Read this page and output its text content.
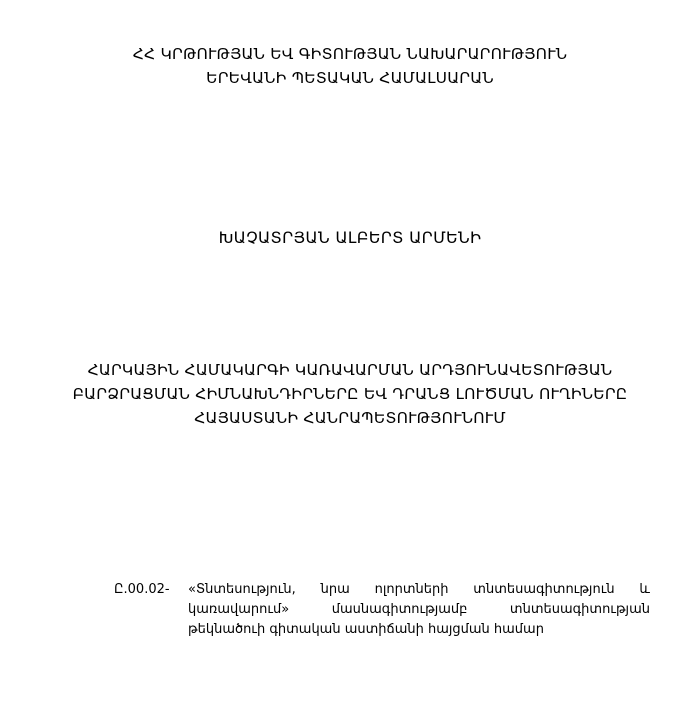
ՀՀ ԿՐԹՈՒԹՅԱՆ ԵՎ ԳԻՏՈՒԹՅԱՆ ՆԱԽԱՐԱՐՈՒԹՅՈՒՆ
ԵՐԵՎԱՆԻ ՊԵՏԱԿԱՆ ՀԱՄԱԼՍԱՐԱՆ
ԽԱՉԱՏՐՅԱՆ ԱԼԲԵՐՏ ԱՐՄԵՆԻ
ՀԱՐԿԱՅԻՆ ՀԱՄԱԿԱՐԳԻ ԿԱՌԱՎԱՐՄԱՆ ԱՐԴՅՈՒՆԱՎԵՏՈՒԹՅԱՆ
ԲԱՐՁՐԱՑՄԱՆ ՀԻՄՆԱԽՆԴԻՐՆԵՐԸ ԵՎ ԴՐԱՆՑ ԼՈՒԾՄԱՆ ՈՒՂԻՆԵՐԸ
ՀԱՅԱՍՏԱՆԻ ՀԱՆՐԱՊԵՏՈՒԹՅՈՒՆՈՒՄ
Ը.00.02- «Տնտեսություն, նրա ոլորտների տնտեսագիտություն և
կառավարում»	մասնագիտությամբ	տնտեսագիտության
թեկնածուի գիտական աստիճանի հայցման համար
